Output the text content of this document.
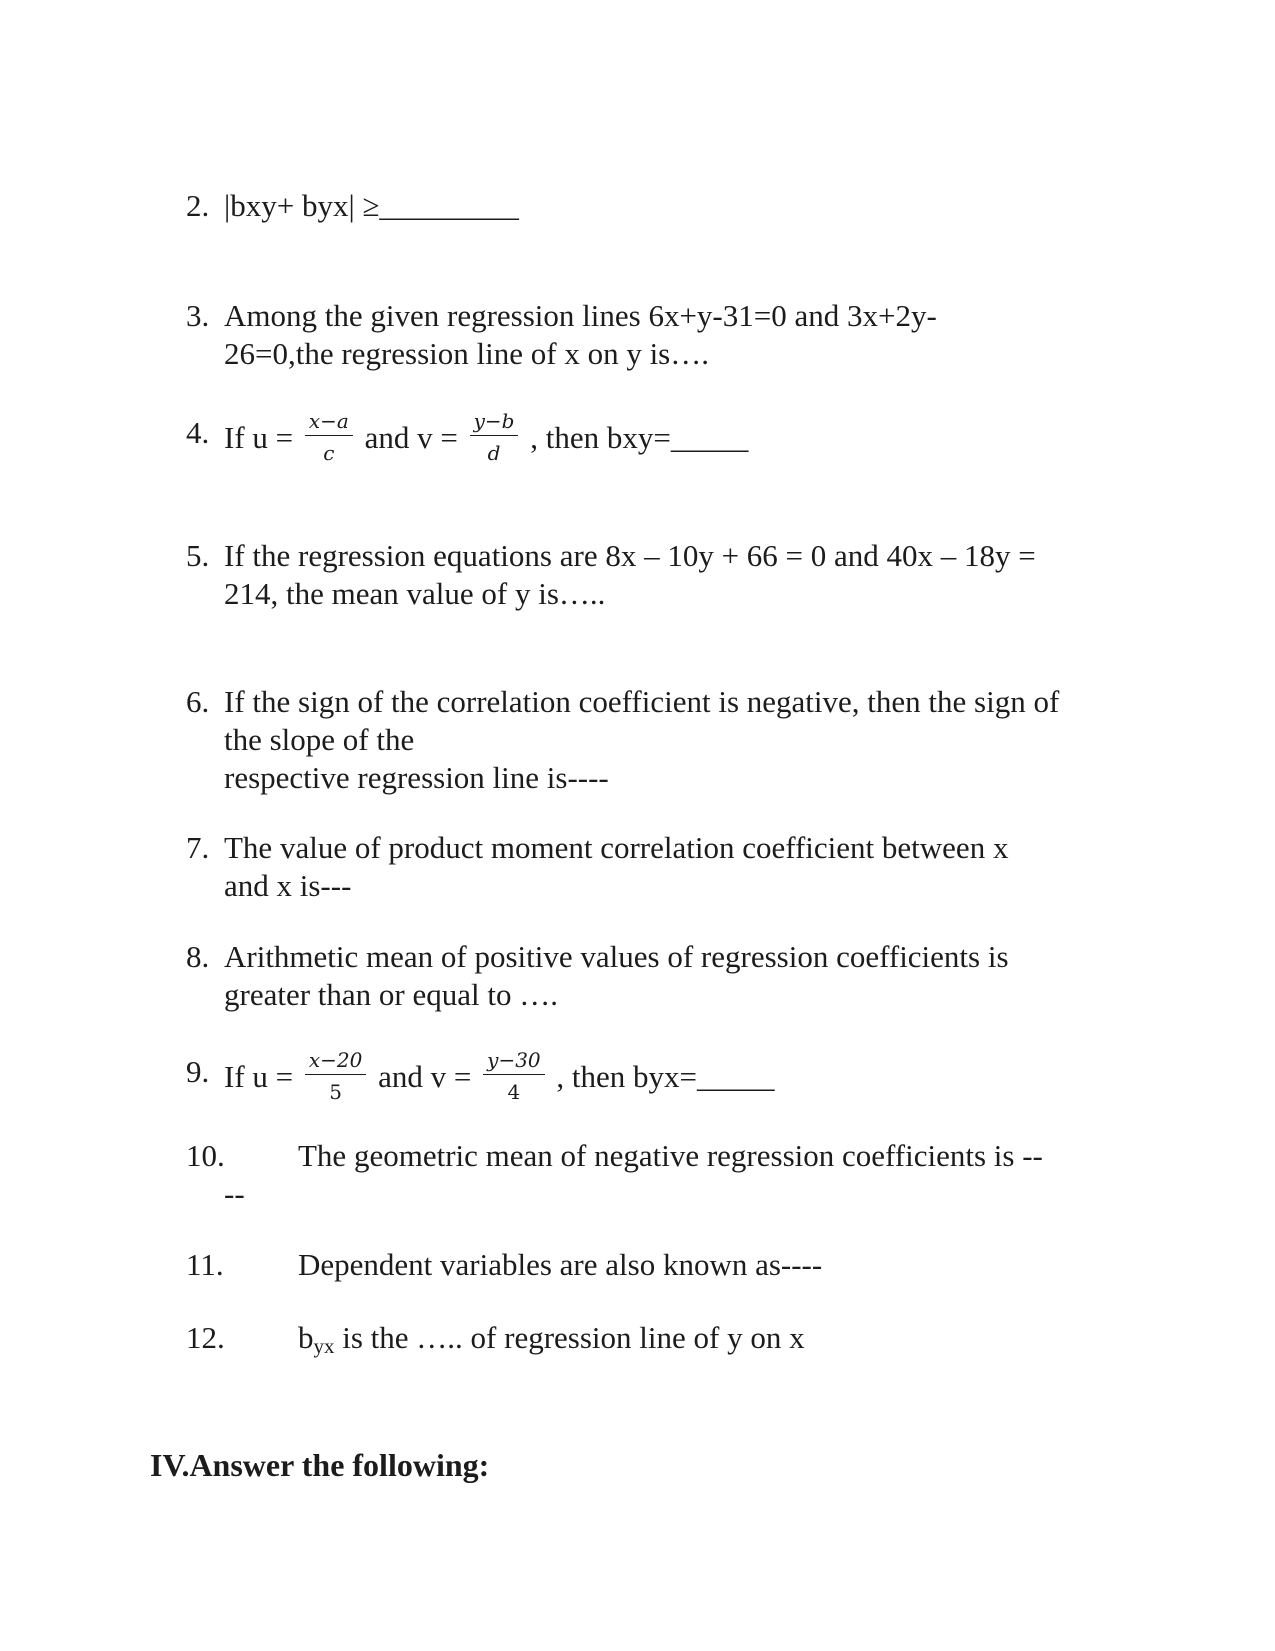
2. |bxy+ byx| ≥_________
3. Among the given regression lines 6x+y-31=0 and 3x+2y-
26=0,the regression line of x on y is….
4. If $u = \frac{x-a}{c}$ and $v = \frac{y-b}{d}$ , then bxy=_____
5. If the regression equations are 8x – 10y + 66 = 0 and 40x – 18y =
214, the mean value of y is…..
6. If the sign of the correlation coefficient is negative, then the sign of
the slope of the
respective regression line is----
7. The value of product moment correlation coefficient between x
and x is---
8. Arithmetic mean of positive values of regression coefficients is
greater than or equal to ….
9. If $u = \frac{x-20}{5}$ and $v = \frac{y-30}{4}$ , then byx=_____
10. The geometric mean of negative regression coefficients is --
--
11. Dependent variables are also known as----
12. $b_{yx}$ is the ….. of regression line of y on x
IV.Answer the following:
